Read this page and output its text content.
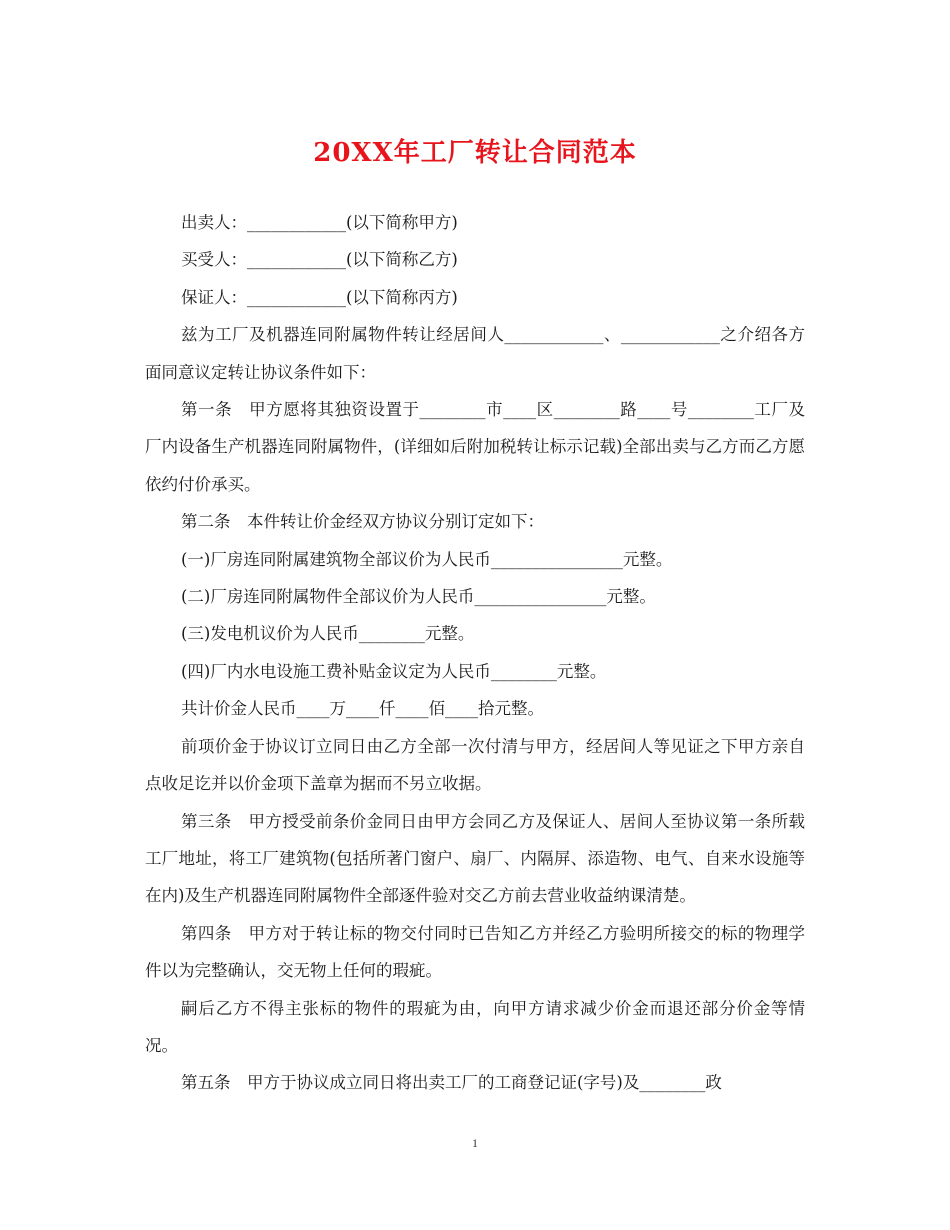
20XX年工厂转让合同范本

出卖人：____________(以下简称甲方)

买受人：____________(以下简称乙方)

保证人：____________(以下简称丙方)

兹为工厂及机器连同附属物件转让经居间人____________、____________之介绍各方面同意议定转让协议条件如下：

第一条　甲方愿将其独资设置于________市____区________路____号________工厂及厂内设备生产机器连同附属物件，(详细如后附加税转让标示记载)全部出卖与乙方而乙方愿依约付价承买。

第二条　本件转让价金经双方协议分别订定如下：

(一)厂房连同附属建筑物全部议价为人民币________________元整。

(二)厂房连同附属物件全部议价为人民币________________元整。

(三)发电机议价为人民币________元整。

(四)厂内水电设施工费补贴金议定为人民币________元整。

共计价金人民币____万____仟____佰____拾元整。

前项价金于协议订立同日由乙方全部一次付清与甲方，经居间人等见证之下甲方亲自点收足讫并以价金项下盖章为据而不另立收据。

第三条　甲方授受前条价金同日由甲方会同乙方及保证人、居间人至协议第一条所载工厂地址，将工厂建筑物(包括所著门窗户、扇厂、内隔屏、添造物、电气、自来水设施等在内)及生产机器连同附属物件全部逐件验对交乙方前去营业收益纳课清楚。

第四条　甲方对于转让标的物交付同时已告知乙方并经乙方验明所接交的标的物理学件以为完整确认，交无物上任何的瑕疵。

嗣后乙方不得主张标的物件的瑕疵为由，向甲方请求减少价金而退还部分价金等情况。

第五条　甲方于协议成立同日将出卖工厂的工商登记证(字号)及________政

1
